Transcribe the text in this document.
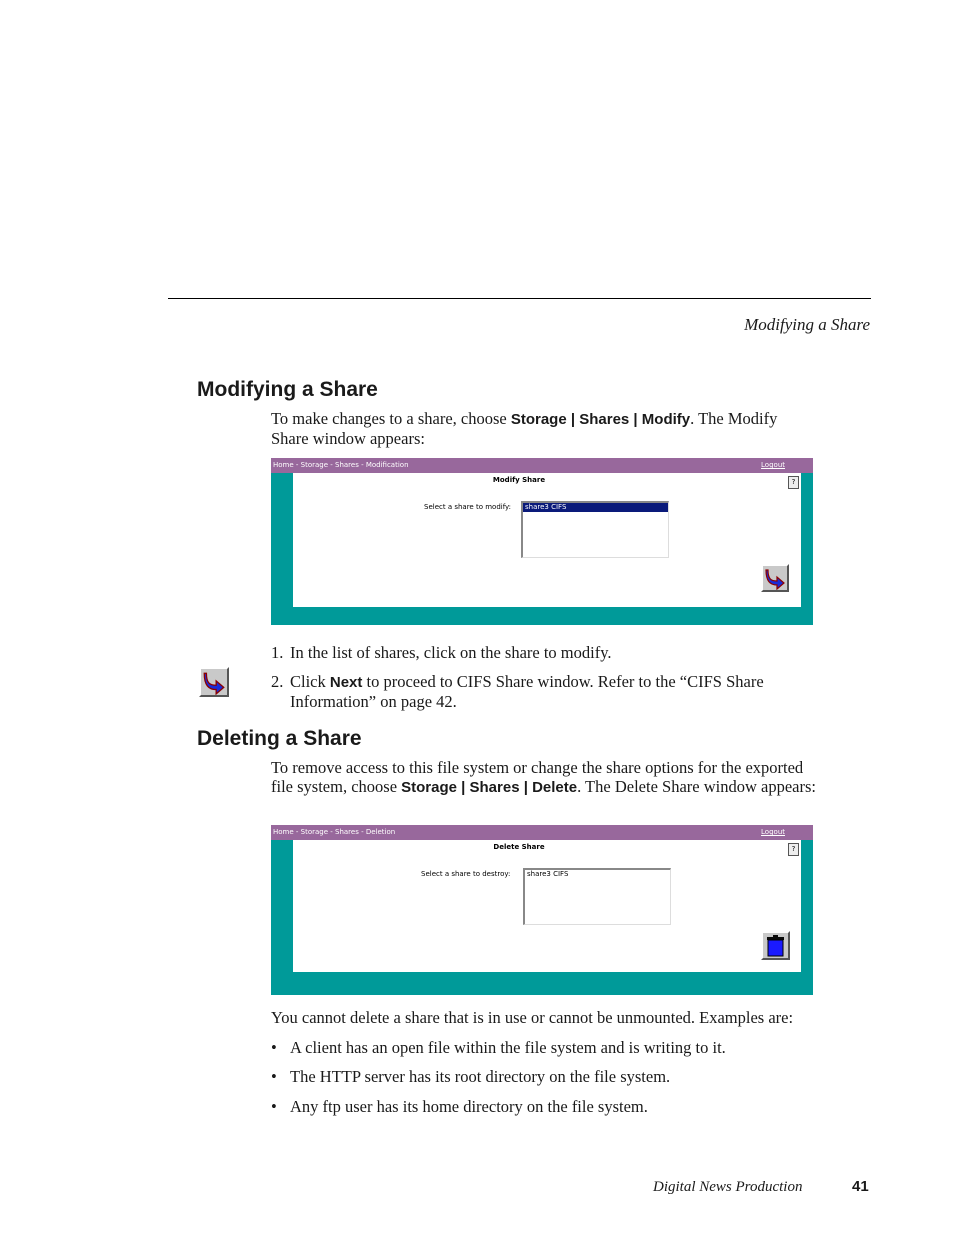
Modifying a Share
Modifying a Share

To make changes to a share, choose Storage | Shares | Modify. The Modify Share window appears:

Home - Storage - Shares - Modification	Logout
Modify Share	?
Select a share to modify: share3 CIFS
1. In the list of shares, click on the share to modify.
2. Click Next to proceed to CIFS Share window. Refer to the “CIFS Share Information” on page 42.
Deleting a Share

To remove access to this file system or change the share options for the exported file system, choose Storage | Shares | Delete. The Delete Share window appears:

Home - Storage - Shares - Deletion	Logout
Delete Share	?
Select a share to destroy: share3 CIFS

You cannot delete a share that is in use or cannot be unmounted. Examples are:

• A client has an open file within the file system and is writing to it.
• The HTTP server has its root directory on the file system.
• Any ftp user has its home directory on the file system.
Digital News Production	41
